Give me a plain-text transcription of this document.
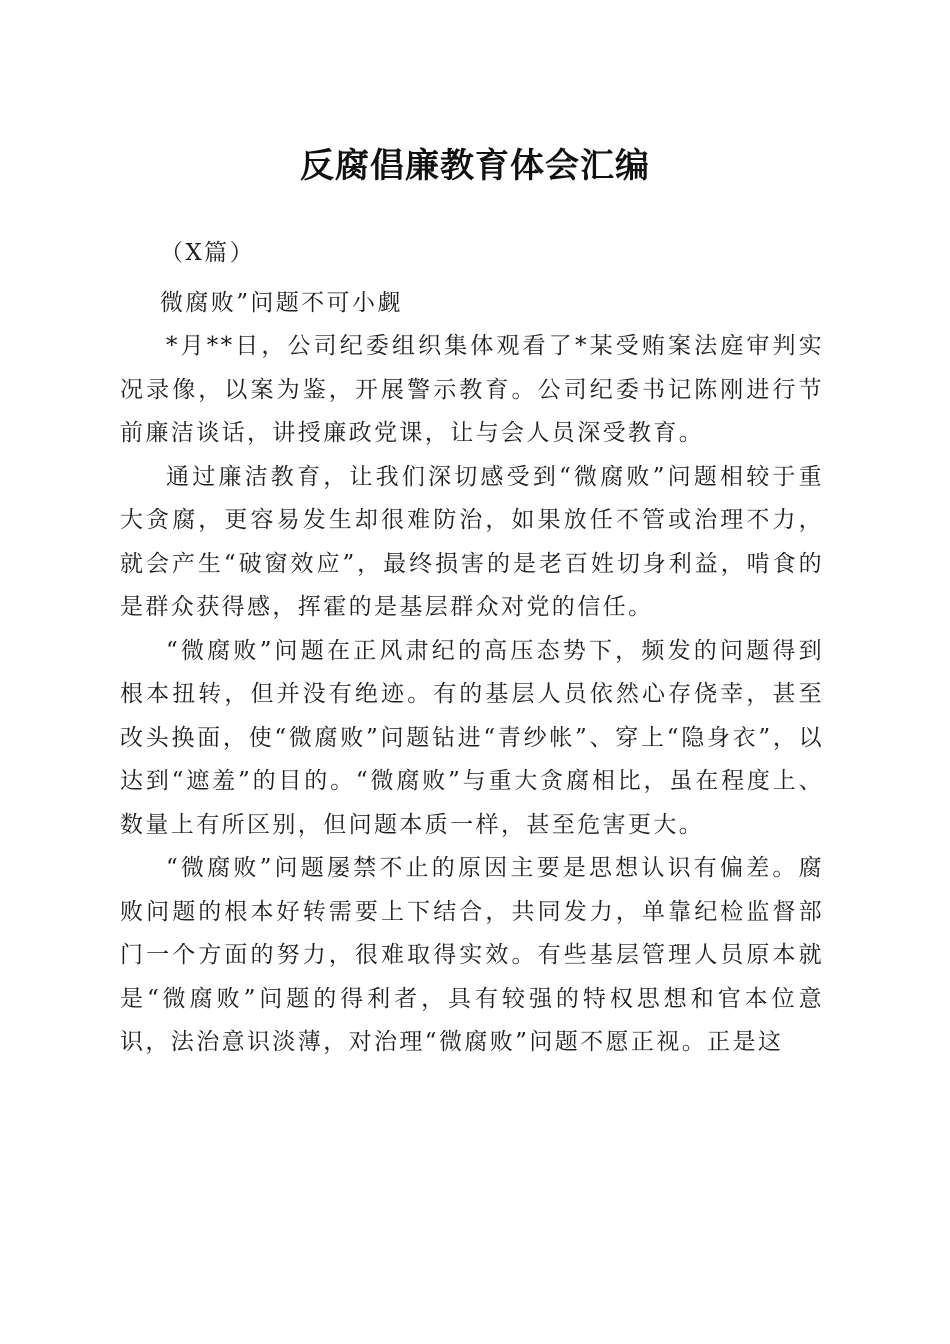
反腐倡廉教育体会汇编

（X篇）

微腐败”问题不可小觑

*月**日，公司纪委组织集体观看了*某受贿案法庭审判实况录像，以案为鉴，开展警示教育。公司纪委书记陈刚进行节前廉洁谈话，讲授廉政党课，让与会人员深受教育。

通过廉洁教育，让我们深切感受到“微腐败”问题相较于重大贪腐，更容易发生却很难防治，如果放任不管或治理不力，就会产生“破窗效应”，最终损害的是老百姓切身利益，啃食的是群众获得感，挥霍的是基层群众对党的信任。

“微腐败”问题在正风肃纪的高压态势下，频发的问题得到根本扭转，但并没有绝迹。有的基层人员依然心存侥幸，甚至改头换面，使“微腐败”问题钻进“青纱帐”、穿上“隐身衣”，以达到“遮羞”的目的。“微腐败”与重大贪腐相比，虽在程度上、数量上有所区别，但问题本质一样，甚至危害更大。

“微腐败”问题屡禁不止的原因主要是思想认识有偏差。腐败问题的根本好转需要上下结合，共同发力，单靠纪检监督部门一个方面的努力，很难取得实效。有些基层管理人员原本就是“微腐败”问题的得利者，具有较强的特权思想和官本位意识，法治意识淡薄，对治理“微腐败”问题不愿正视。正是这
